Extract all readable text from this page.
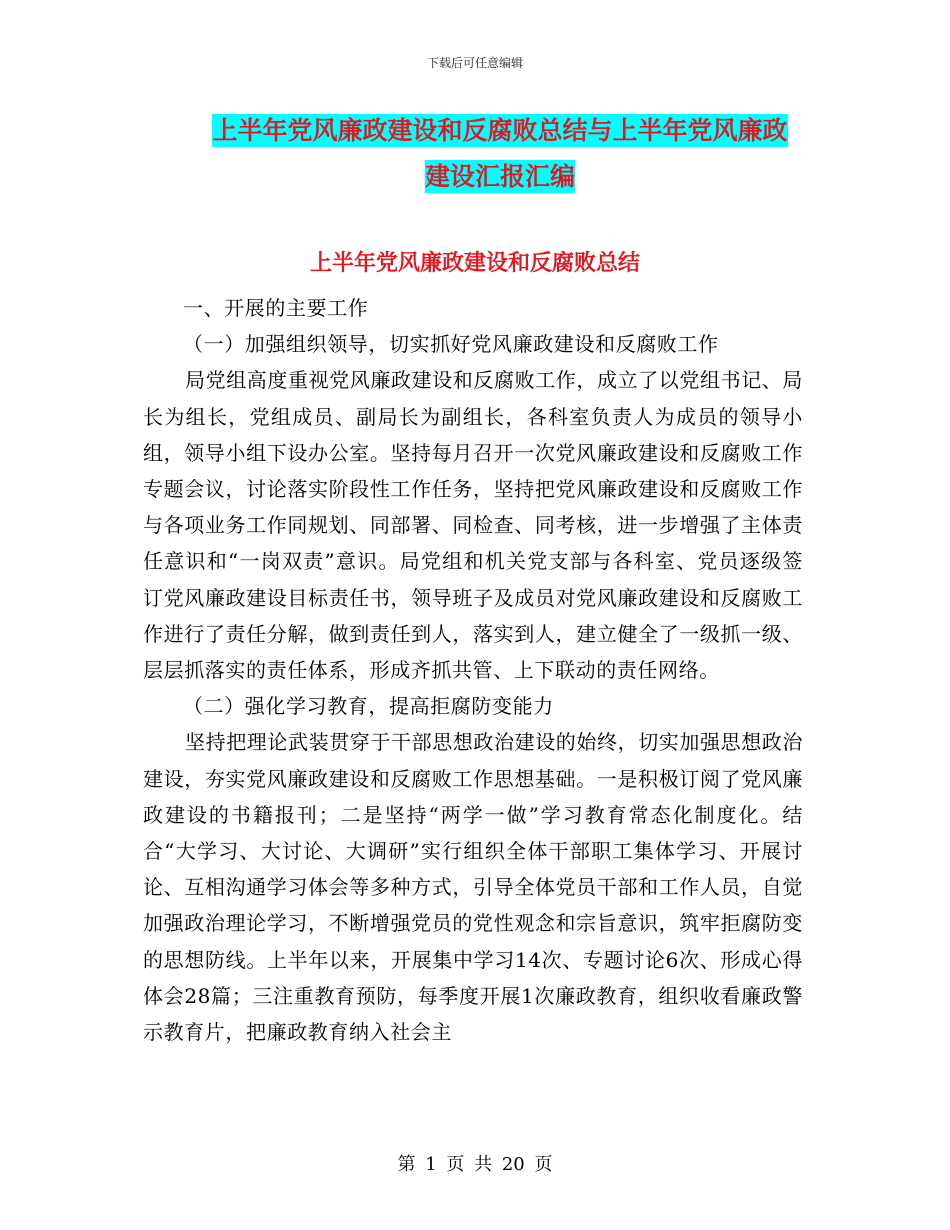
下载后可任意编辑
上半年党风廉政建设和反腐败总结与上半年党风廉政
建设汇报汇编
上半年党风廉政建设和反腐败总结

一、开展的主要工作

（一）加强组织领导，切实抓好党风廉政建设和反腐败工作

局党组高度重视党风廉政建设和反腐败工作，成立了以党组书记、局长为组长，党组成员、副局长为副组长，各科室负责人为成员的领导小组，领导小组下设办公室。坚持每月召开一次党风廉政建设和反腐败工作专题会议，讨论落实阶段性工作任务，坚持把党风廉政建设和反腐败工作与各项业务工作同规划、同部署、同检查、同考核，进一步增强了主体责任意识和“一岗双责”意识。局党组和机关党支部与各科室、党员逐级签订党风廉政建设目标责任书，领导班子及成员对党风廉政建设和反腐败工作进行了责任分解，做到责任到人，落实到人，建立健全了一级抓一级、层层抓落实的责任体系，形成齐抓共管、上下联动的责任网络。

（二）强化学习教育，提高拒腐防变能力

坚持把理论武装贯穿于干部思想政治建设的始终，切实加强思想政治建设，夯实党风廉政建设和反腐败工作思想基础。一是积极订阅了党风廉政建设的书籍报刊；二是坚持“两学一做”学习教育常态化制度化。结合“大学习、大讨论、大调研”实行组织全体干部职工集体学习、开展讨论、互相沟通学习体会等多种方式，引导全体党员干部和工作人员，自觉加强政治理论学习，不断增强党员的党性观念和宗旨意识，筑牢拒腐防变的思想防线。上半年以来，开展集中学习14次、专题讨论6次、形成心得体会28篇；三注重教育预防，每季度开展1次廉政教育，组织收看廉政警示教育片，把廉政教育纳入社会主

第 1 页 共 20 页
